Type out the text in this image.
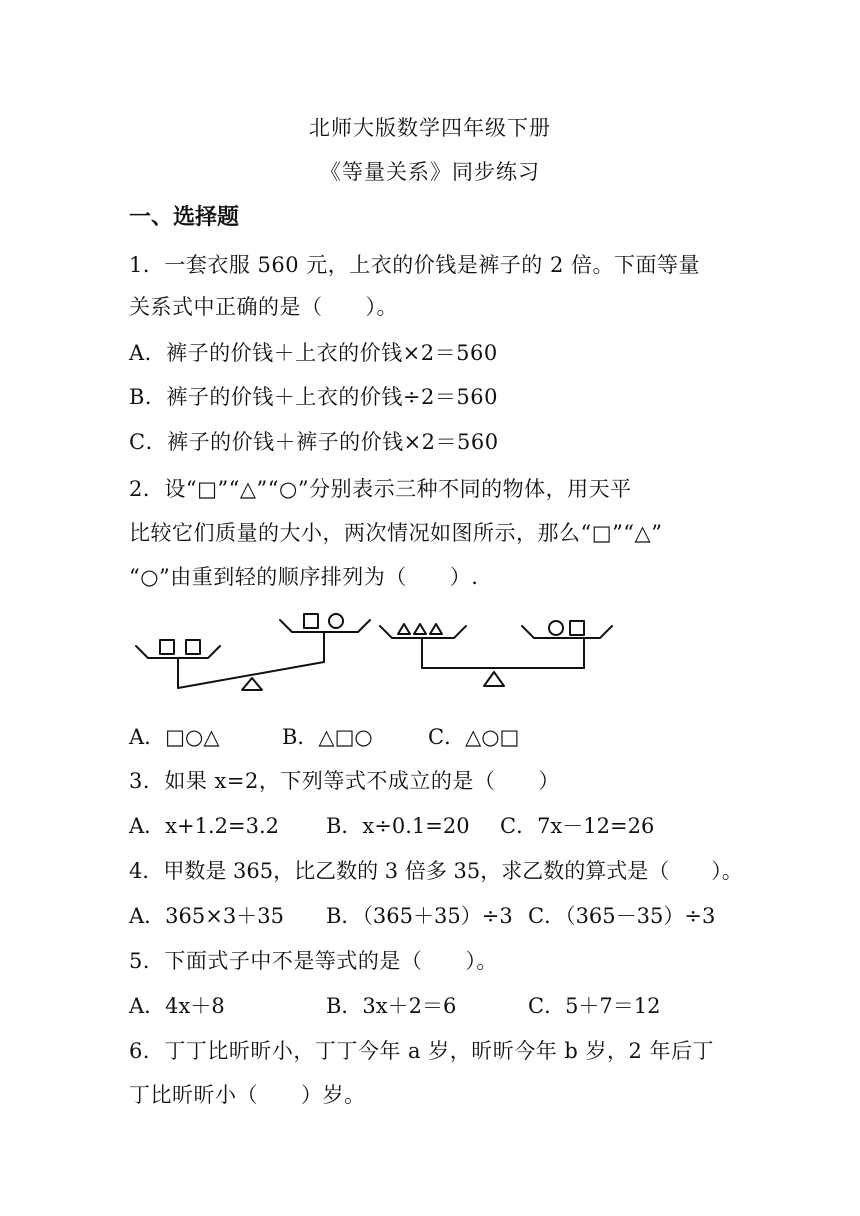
北师大版数学四年级下册
《等量关系》同步练习
一、选择题
1．一套衣服 560 元，上衣的价钱是裤子的 2 倍。下面等量
关系式中正确的是（　　）。
A．裤子的价钱＋上衣的价钱×2＝560
B．裤子的价钱＋上衣的价钱÷2＝560
C．裤子的价钱＋裤子的价钱×2＝560
2．设“□”“△”“○”分别表示三种不同的物体，用天平
比较它们质量的大小，两次情况如图所示，那么“□”“△”
“○”由重到轻的顺序排列为（　　）.
A．□○△	B．△□○	C．△○□
3．如果 x=2，下列等式不成立的是（　　）
A．x+1.2=3.2 B．x÷0.1=20 C．7x－12=26
4．甲数是 365，比乙数的 3 倍多 35，求乙数的算式是（　　）。
A．365×3＋35 B．（365＋35）÷3 C．（365－35）÷3
5．下面式子中不是等式的是（　　）。
A．4x＋8	B．3x＋2＝6	C．5＋7＝12
6．丁丁比昕昕小，丁丁今年 a 岁，昕昕今年 b 岁，2 年后丁
丁比昕昕小（　　）岁。
